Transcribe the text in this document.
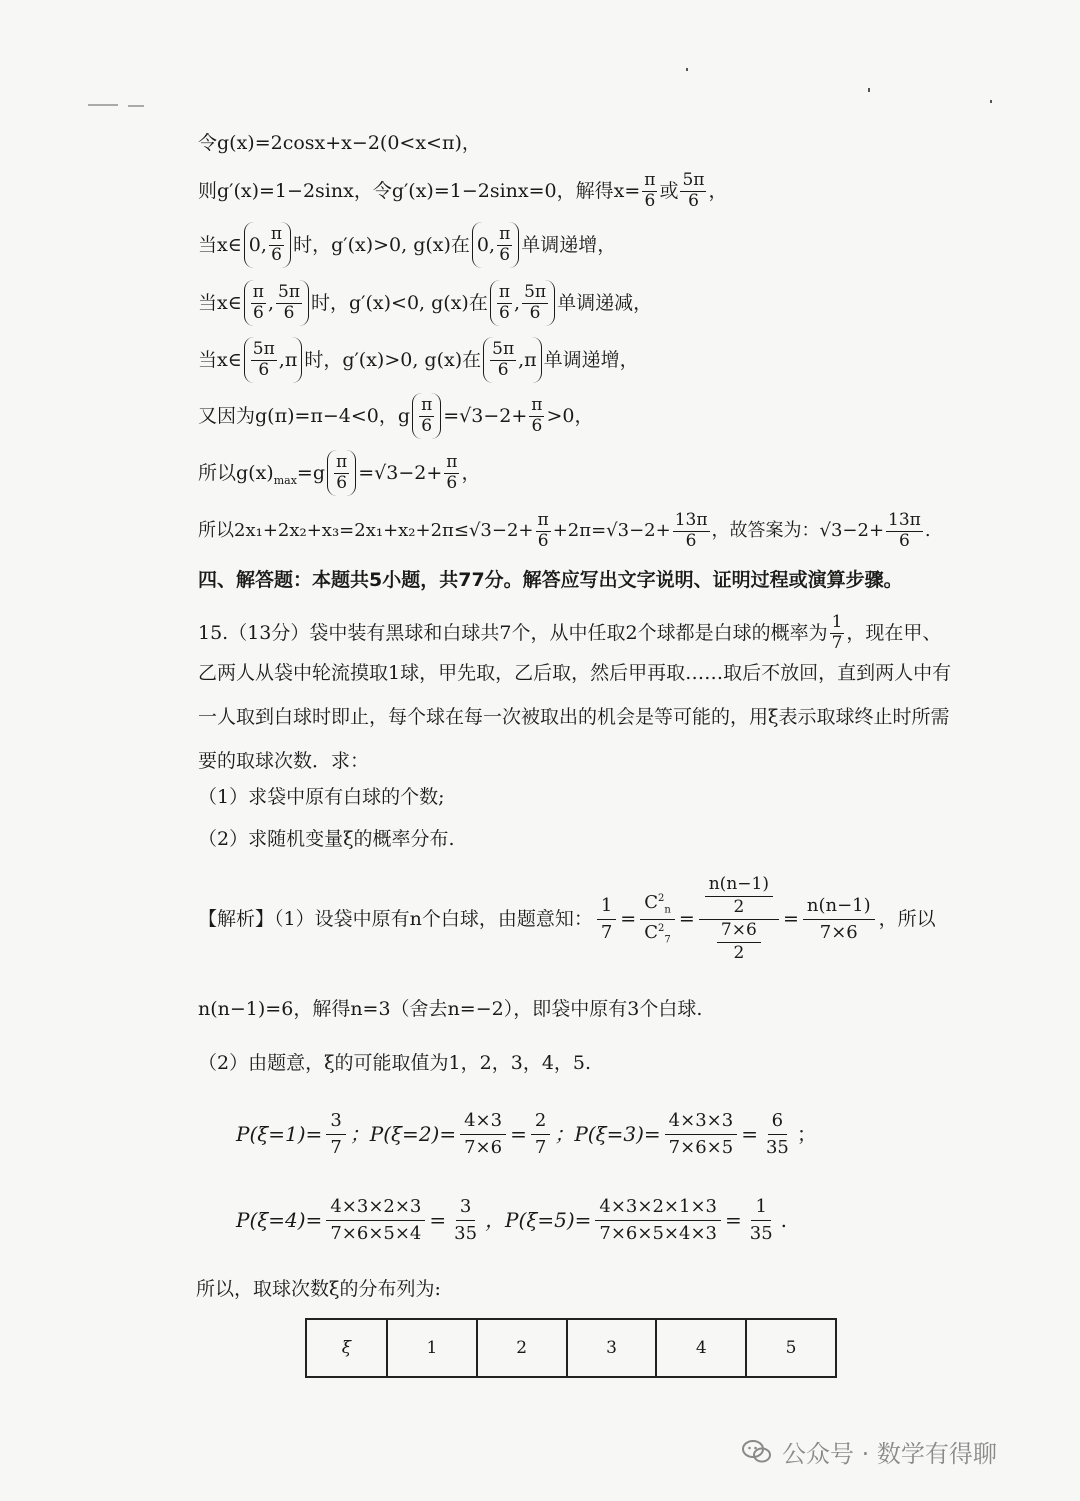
令g(x)=2cosx+x−2(0<x<π)，
则g′(x)=1−2sinx，令g′(x)=1−2sinx=0，解得$x= \frac{\pi}{6}$ 或 $\frac{5\pi}{6}$ ，
当x∈ 0, $\frac{\pi}{6}$ 时，g′(x)>0, g(x)在 0, $\frac{\pi}{6}$ 单调递增，
当x∈ $\frac{\pi}{6}$ , $\frac{5\pi}{6}$ 时，g′(x)<0, g(x)在 $\frac{\pi}{6}$ , $\frac{5\pi}{6}$ 单调递减，
当x∈ $\frac{5\pi}{6} ,\pi$ 时，g′(x)>0, g(x)在 $\frac{5\pi}{6} ,\pi$ 单调递增，
又因为g(π)=π−4<0，g $\frac{\pi}{6} =√3-2+ \frac{\pi}{6} >0$，
所以$g(x)_{max} =g \frac{\pi}{6} =√3-2+ \frac{\pi}{6}$ ，
所以$2x_1+2x_2+x_3=2x_1+x_2+2\pi\le√3-2+ \frac{\pi}{6} +2\pi=√3-2+ \frac{13\pi}{6}$ ，故答案为：$√3-2+ \frac{13\pi}{6}$ .
四、解答题：本题共5小题，共77分。解答应写出文字说明、证明过程或演算步骤。
15.（13分）袋中装有黑球和白球共7个，从中任取2个球都是白球的概率为 $\frac{1}{7}$ ，现在甲、
乙两人从袋中轮流摸取1球，甲先取，乙后取，然后甲再取……取后不放回，直到两人中有
一人取到白球时即止，每个球在每一次被取出的机会是等可能的，用ξ表示取球终止时所需
要的取球次数．求：
（1）求袋中原有白球的个数;
（2）求随机变量ξ的概率分布.
【解析】（1）设袋中原有n个白球，由题意知： $\frac{1}{7} = \frac{C^2_n}{C^2_7} = \frac{\frac{n(n-1)}{2}}{\frac{7\times 6}{2}} = \frac{n(n-1)}{7\times 6}$ ，所以
n(n−1)=6，解得n=3（舍去n=−2），即袋中原有3个白球.
（2）由题意，ξ的可能取值为1，2，3，4，5.
$P(\xi=1)= \frac{3}{7}$ ；$P(\xi=2)= \frac{4\times 3}{7\times 6} = \frac{2}{7}$ ；$P(\xi=3)= \frac{4\times 3\times 3}{7\times 6\times 5} = \frac{6}{35}$ ；
$P(\xi=4)= \frac{4\times 3\times 2\times 3}{7\times 6\times 5\times 4} = \frac{3}{35}$ ，$P(\xi=5)= \frac{4\times 3\times 2\times 1\times 3}{7\times 6\times 5\times 4\times 3} = \frac{1}{35}$ .
所以，取球次数ξ的分布列为:
ξ	1	2	3	4	5
公众号 · 数学有得聊
